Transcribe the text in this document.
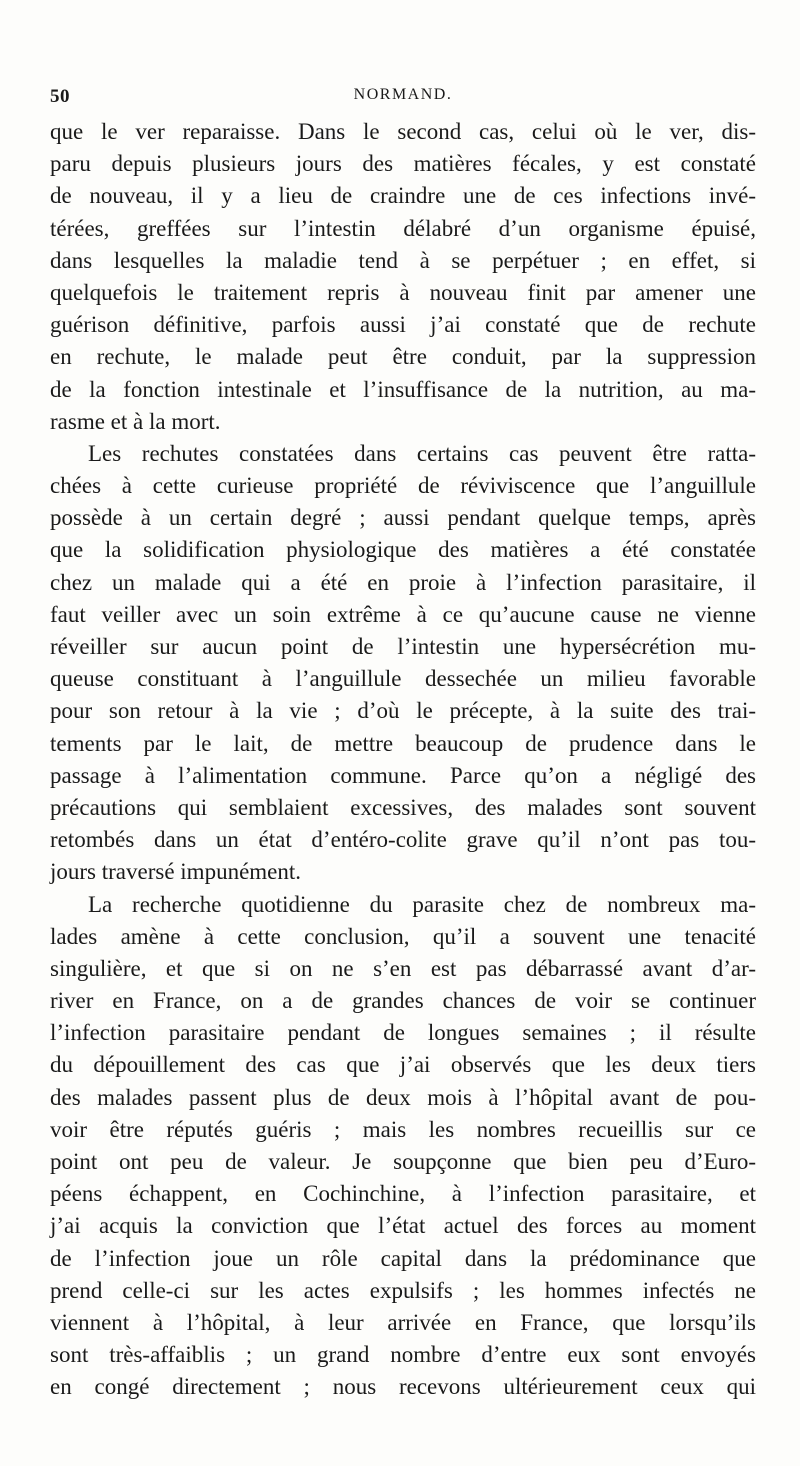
50	NORMAND.
que le ver reparaisse. Dans le second cas, celui où le ver, dis-
paru depuis plusieurs jours des matières fécales, y est constaté
de nouveau, il y a lieu de craindre une de ces infections invé-
térées, greffées sur l’intestin délabré d’un organisme épuisé,
dans lesquelles la maladie tend à se perpétuer ; en effet, si
quelquefois le traitement repris à nouveau finit par amener une
guérison définitive, parfois aussi j’ai constaté que de rechute
en rechute, le malade peut être conduit, par la suppression
de la fonction intestinale et l’insuffisance de la nutrition, au ma-
rasme et à la mort.
Les rechutes constatées dans certains cas peuvent être ratta-
chées à cette curieuse propriété de réviviscence que l’anguillule
possède à un certain degré ; aussi pendant quelque temps, après
que la solidification physiologique des matières a été constatée
chez un malade qui a été en proie à l’infection parasitaire, il
faut veiller avec un soin extrême à ce qu’aucune cause ne vienne
réveiller sur aucun point de l’intestin une hypersécrétion mu-
queuse constituant à l’anguillule dessechée un milieu favorable
pour son retour à la vie ; d’où le précepte, à la suite des trai-
tements par le lait, de mettre beaucoup de prudence dans le
passage à l’alimentation commune. Parce qu’on a négligé des
précautions qui semblaient excessives, des malades sont souvent
retombés dans un état d’entéro-colite grave qu’il n’ont pas tou-
jours traversé impunément.
La recherche quotidienne du parasite chez de nombreux ma-
lades amène à cette conclusion, qu’il a souvent une tenacité
singulière, et que si on ne s’en est pas débarrassé avant d’ar-
river en France, on a de grandes chances de voir se continuer
l’infection parasitaire pendant de longues semaines ; il résulte
du dépouillement des cas que j’ai observés que les deux tiers
des malades passent plus de deux mois à l’hôpital avant de pou-
voir être réputés guéris ; mais les nombres recueillis sur ce
point ont peu de valeur. Je soupçonne que bien peu d’Euro-
péens échappent, en Cochinchine, à l’infection parasitaire, et
j’ai acquis la conviction que l’état actuel des forces au moment
de l’infection joue un rôle capital dans la prédominance que
prend celle-ci sur les actes expulsifs ; les hommes infectés ne
viennent à l’hôpital, à leur arrivée en France, que lorsqu’ils
sont très-affaiblis ; un grand nombre d’entre eux sont envoyés
en congé directement ; nous recevons ultérieurement ceux qui
